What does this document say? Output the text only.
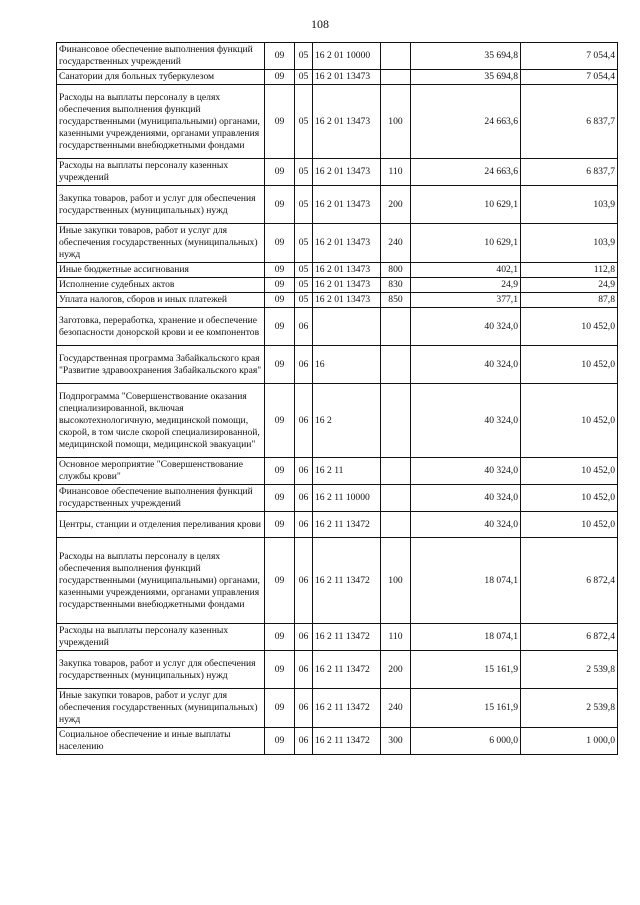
108
Финансовое обеспечение выполнения функций государственных учреждений	09	05	16 2 01 10000		35 694,8	7 054,4
Санатории для больных туберкулезом	09	05	16 2 01 13473		35 694,8	7 054,4
Расходы на выплаты персоналу в целях обеспечения выполнения функций государственными (муниципальными) органами, казенными учреждениями, органами управления государственными внебюджетными фондами	09	05	16 2 01 13473	100	24 663,6	6 837,7
Расходы на выплаты персоналу казенных учреждений	09	05	16 2 01 13473	110	24 663,6	6 837,7
Закупка товаров, работ и услуг для обеспечения государственных (муниципальных) нужд	09	05	16 2 01 13473	200	10 629,1	103,9
Иные закупки товаров, работ и услуг для обеспечения государственных (муниципальных) нужд	09	05	16 2 01 13473	240	10 629,1	103,9
Иные бюджетные ассигнования	09	05	16 2 01 13473	800	402,1	112,8
Исполнение судебных актов	09	05	16 2 01 13473	830	24,9	24,9
Уплата налогов, сборов и иных платежей	09	05	16 2 01 13473	850	377,1	87,8
Заготовка, переработка, хранение и обеспечение безопасности донорской крови и ее компонентов	09	06			40 324,0	10 452,0
Государственная программа Забайкальского края "Развитие здравоохранения Забайкальского края"	09	06	16		40 324,0	10 452,0
Подпрограмма "Совершенствование оказания специализированной, включая высокотехнологичную, медицинской помощи, скорой, в том числе скорой специализированной, медицинской помощи, медицинской эвакуации"	09	06	16 2		40 324,0	10 452,0
Основное мероприятие "Совершенствование службы крови"	09	06	16 2 11		40 324,0	10 452,0
Финансовое обеспечение выполнения функций государственных учреждений	09	06	16 2 11 10000		40 324,0	10 452,0
Центры, станции и отделения переливания крови	09	06	16 2 11 13472		40 324,0	10 452,0
Расходы на выплаты персоналу в целях обеспечения выполнения функций государственными (муниципальными) органами, казенными учреждениями, органами управления государственными внебюджетными фондами	09	06	16 2 11 13472	100	18 074,1	6 872,4
Расходы на выплаты персоналу казенных учреждений	09	06	16 2 11 13472	110	18 074,1	6 872,4
Закупка товаров, работ и услуг для обеспечения государственных (муниципальных) нужд	09	06	16 2 11 13472	200	15 161,9	2 539,8
Иные закупки товаров, работ и услуг для обеспечения государственных (муниципальных) нужд	09	06	16 2 11 13472	240	15 161,9	2 539,8
Социальное обеспечение и иные выплаты населению	09	06	16 2 11 13472	300	6 000,0	1 000,0
